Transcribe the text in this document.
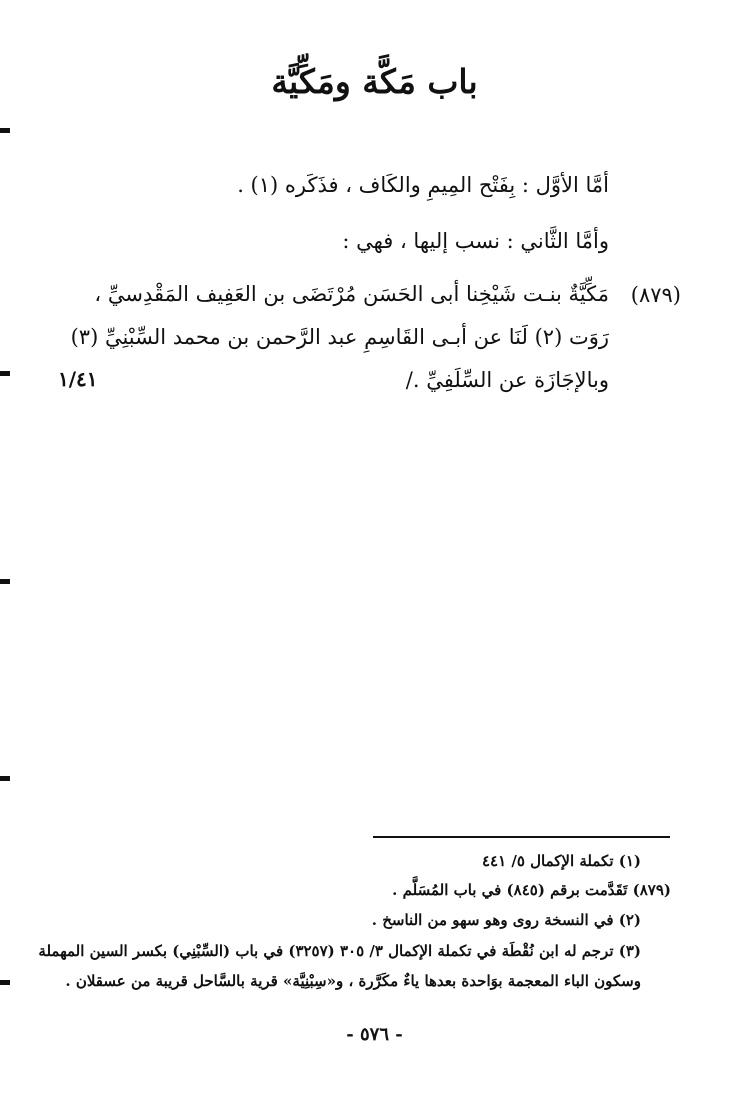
باب مَكَّة ومَكِّيَّة
أمَّا الأوَّل : بِفَتْح المِيمِ والكَاف ، فذَكَره (١) .
وأمَّا الثَّاني : نسب إليها ، فهي :
(٨٧٩)
مَكِّيَّةٌ بنـت شَيْخِنا أبى الحَسَن مُرْتَضَى بن العَفِيف المَقْدِسيِّ ،
رَوَت (٢) لَنَا عن أبـى القَاسِمِ عبد الرَّحمن بن محمد السِّبْنِيِّ (٣)
وبالإجَازَة عن السِّلَفِيِّ ./
١/٤١
(١) تكملة الإكمال ٥/ ٤٤١
(٨٧٩) تَقَدَّمت برقم (٨٤٥) في باب المُسَلَّم .
(٢) في النسخة روى وهو سهو من الناسخ .
(٣) ترجم له ابن نُقْطَة في تكملة الإكمال ٣/ ٣٠٥ (٣٢٥٧) في باب (السِّبْنِي) بكسر السين المهملة
وسكون الباء المعجمة بوَاحدة بعدها ياءٌ مكَرَّرة ، و«سِبْنِيَّة» قرية بالسَّاحل قريبة من عسقلان .
- ٥٧٦ -
